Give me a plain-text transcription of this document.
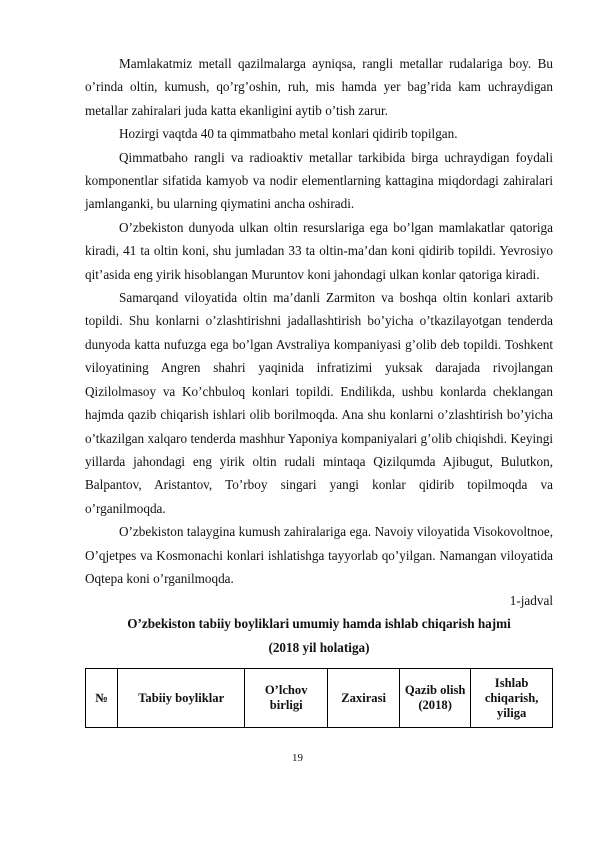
Mamlakatmiz metall qazilmalarga ayniqsa, rangli metallar rudalariga boy. Bu o’rinda oltin, kumush, qo’rg’oshin, ruh, mis hamda yer bag’rida kam uchraydigan metallar zahiralari juda katta ekanligini aytib o’tish zarur.

Hozirgi vaqtda 40 ta qimmatbaho metal konlari qidirib topilgan.

Qimmatbaho rangli va radioaktiv metallar tarkibida birga uchraydigan foydali komponentlar sifatida kamyob va nodir elementlarning kattagina miqdordagi zahiralari jamlanganki, bu ularning qiymatini ancha oshiradi.

O’zbekiston dunyoda ulkan oltin resurslariga ega bo’lgan mamlakatlar qatoriga kiradi, 41 ta oltin koni, shu jumladan 33 ta oltin-ma’dan koni qidirib topildi. Yevrosiyo qit’asida eng yirik hisoblangan Muruntov koni jahondagi ulkan konlar qatoriga kiradi.

Samarqand viloyatida oltin ma’danli Zarmiton va boshqa oltin konlari axtarib topildi. Shu konlarni o’zlashtirishni jadallashtirish bo’yicha o’tkazilayotgan tenderda dunyoda katta nufuzga ega bo’lgan Avstraliya kompaniyasi g’olib deb topildi. Toshkent viloyatining Angren shahri yaqinida infratizimi yuksak darajada rivojlangan Qizilolmasoy va Ko’chbuloq konlari topildi. Endilikda, ushbu konlarda cheklangan hajmda qazib chiqarish ishlari olib borilmoqda. Ana shu konlarni o’zlashtirish bo’yicha o’tkazilgan xalqaro tenderda mashhur Yaponiya kompaniyalari g’olib chiqishdi. Keyingi yillarda jahondagi eng yirik oltin rudali mintaqa Qizilqumda Ajibugut, Bulutkon, Balpantov, Aristantov, To’rboy singari yangi konlar qidirib topilmoqda va o’rganilmoqda.

O’zbekiston talaygina kumush zahiralariga ega. Navoiy viloyatida Visokovoltnoe, O’qjetpes va Kosmonachi konlari ishlatishga tayyorlab qo’yilgan. Namangan viloyatida Oqtepa koni o’rganilmoqda.

1-jadval

O’zbekiston tabiiy boyliklari umumiy hamda ishlab chiqarish hajmi

(2018 yil holatiga)

№	Tabiiy boyliklar	O’lchov birligi	Zaxirasi	Qazib olish (2018)	Ishlab chiqarish, yiliga
19
